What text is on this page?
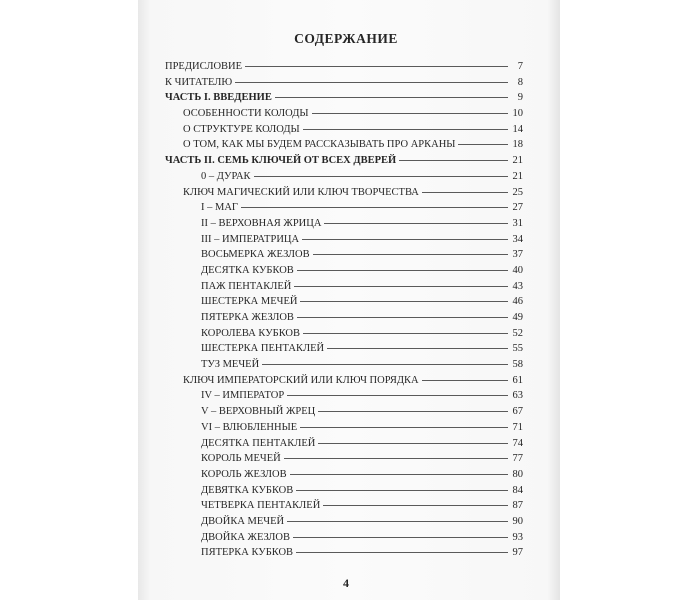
СОДЕРЖАНИЕ
ПРЕДИСЛОВИЕ	7
К ЧИТАТЕЛЮ	8
ЧАСТЬ I. ВВЕДЕНИЕ	9
ОСОБЕННОСТИ КОЛОДЫ	10
О СТРУКТУРЕ КОЛОДЫ	14
О ТОМ, КАК МЫ БУДЕМ РАССКАЗЫВАТЬ ПРО АРКАНЫ	18
ЧАСТЬ II. СЕМЬ КЛЮЧЕЙ ОТ ВСЕХ ДВЕРЕЙ	21
0 – ДУРАК	21
КЛЮЧ МАГИЧЕСКИЙ ИЛИ КЛЮЧ ТВОРЧЕСТВА	25
I – МАГ	27
II – ВЕРХОВНАЯ ЖРИЦА	31
III – ИМПЕРАТРИЦА	34
ВОСЬМЕРКА ЖЕЗЛОВ	37
ДЕСЯТКА КУБКОВ	40
ПАЖ ПЕНТАКЛЕЙ	43
ШЕСТЕРКА МЕЧЕЙ	46
ПЯТЕРКА ЖЕЗЛОВ	49
КОРОЛЕВА КУБКОВ	52
ШЕСТЕРКА ПЕНТАКЛЕЙ	55
ТУЗ МЕЧЕЙ	58
КЛЮЧ ИМПЕРАТОРСКИЙ ИЛИ КЛЮЧ ПОРЯДКА	61
IV – ИМПЕРАТОР	63
V – ВЕРХОВНЫЙ ЖРЕЦ	67
VI – ВЛЮБЛЕННЫЕ	71
ДЕСЯТКА ПЕНТАКЛЕЙ	74
КОРОЛЬ МЕЧЕЙ	77
КОРОЛЬ ЖЕЗЛОВ	80
ДЕВЯТКА КУБКОВ	84
ЧЕТВЕРКА ПЕНТАКЛЕЙ	87
ДВОЙКА МЕЧЕЙ	90
ДВОЙКА ЖЕЗЛОВ	93
ПЯТЕРКА КУБКОВ	97
4
